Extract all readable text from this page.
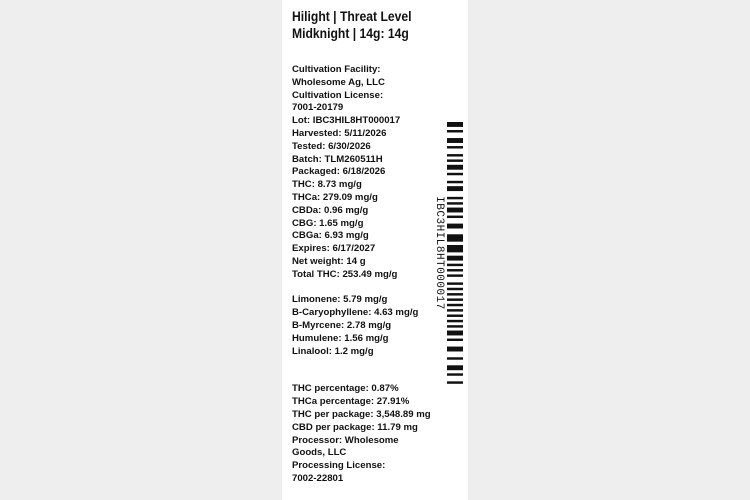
Hilight | Threat Level
Midknight | 14g: 14g
Cultivation Facility:
Wholesome Ag, LLC
Cultivation License:
7001-20179
Lot: IBC3HIL8HT000017
Harvested: 5/11/2026
Tested: 6/30/2026
Batch: TLM260511H
Packaged: 6/18/2026
THC: 8.73 mg/g
THCa: 279.09 mg/g
CBDa: 0.96 mg/g
CBG: 1.65 mg/g
CBGa: 6.93 mg/g
Expires: 6/17/2027
Net weight: 14 g
Total THC: 253.49 mg/g
Limonene: 5.79 mg/g
B-Caryophyllene: 4.63 mg/g
B-Myrcene: 2.78 mg/g
Humulene: 1.56 mg/g
Linalool: 1.2 mg/g
THC percentage: 0.87%
THCa percentage: 27.91%
THC per package: 3,548.89 mg
CBD per package: 11.79 mg
Processor: Wholesome Goods, LLC
Processing License:
7002-22801
IBC3HIL8HT000017
